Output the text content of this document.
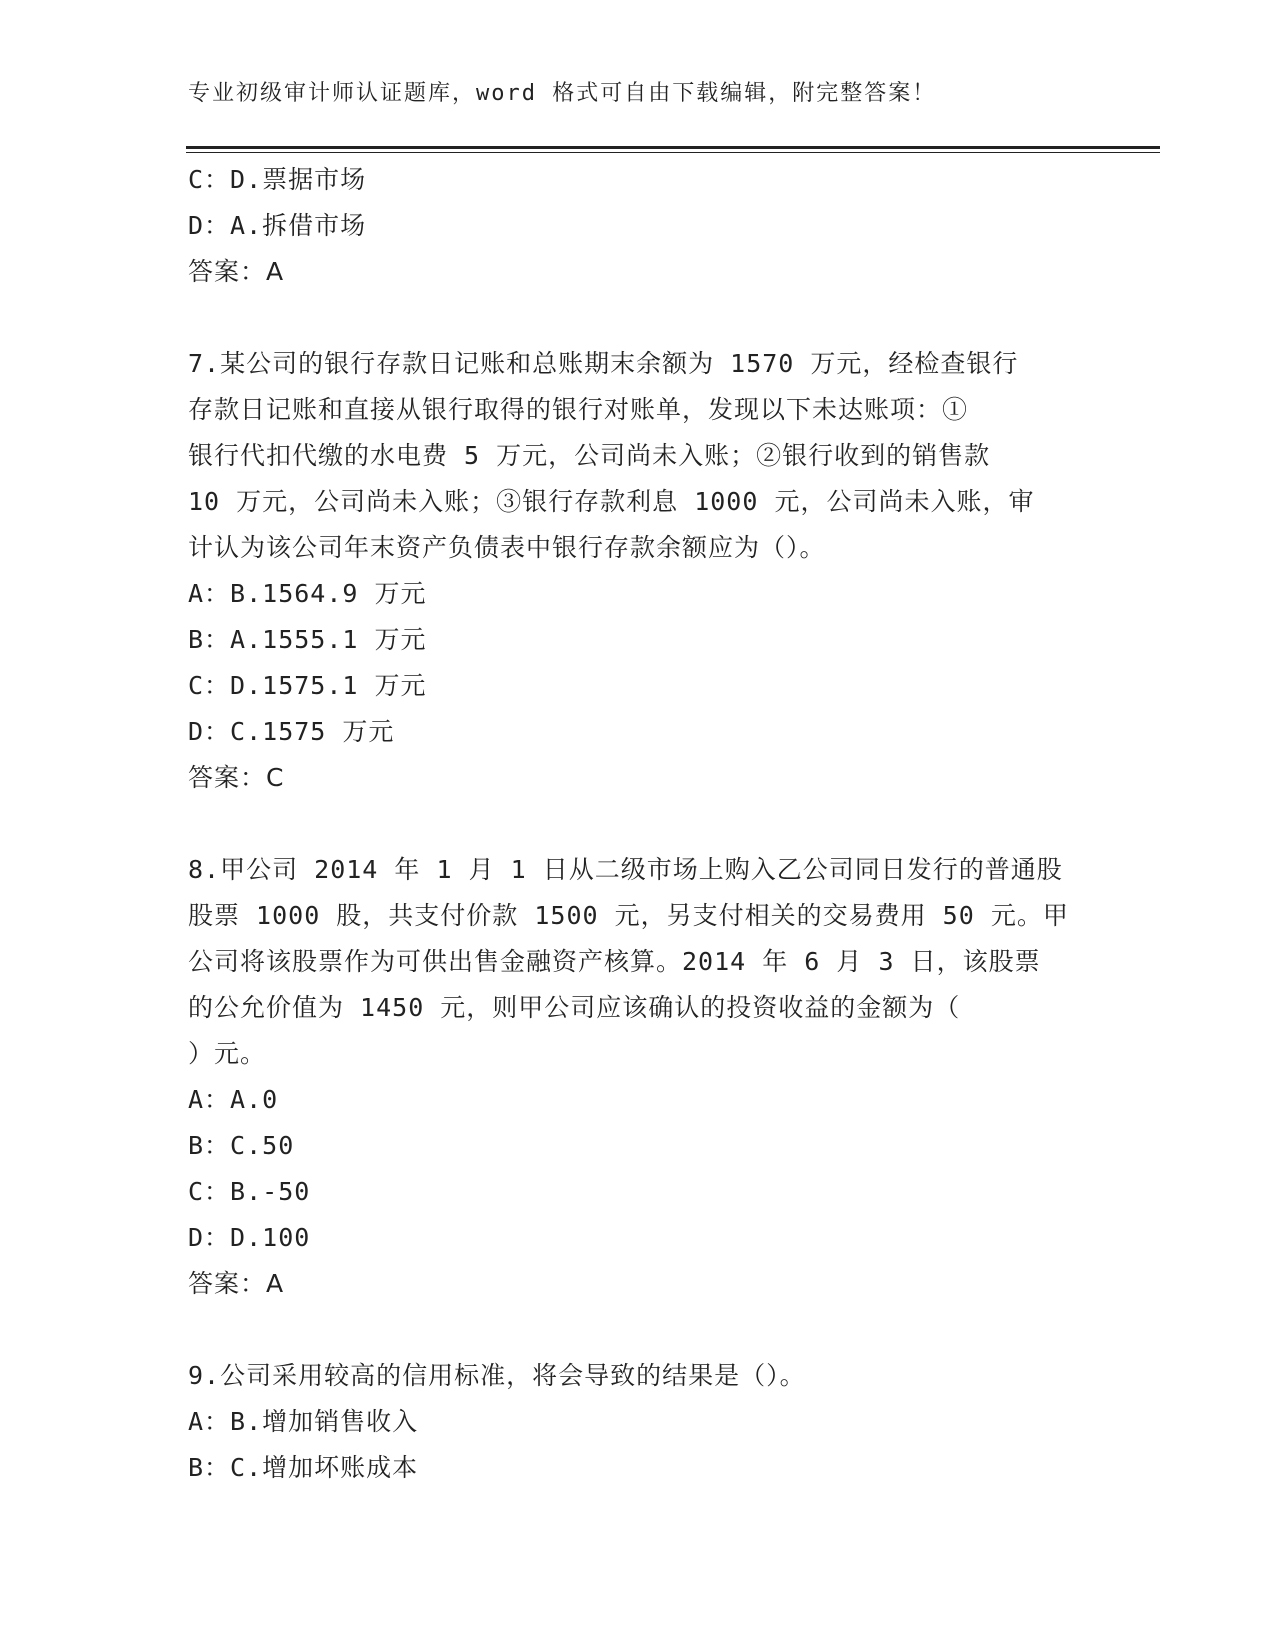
专业初级审计师认证题库，word 格式可自由下载编辑，附完整答案！
C：D.票据市场
D：A.拆借市场
答案：A
7.某公司的银行存款日记账和总账期末余额为 1570 万元，经检查银行
存款日记账和直接从银行取得的银行对账单，发现以下未达账项：①
银行代扣代缴的水电费 5 万元，公司尚未入账；②银行收到的销售款
10 万元，公司尚未入账；③银行存款利息 1000 元，公司尚未入账，审
计认为该公司年末资产负债表中银行存款余额应为（）。
A：B.1564.9 万元
B：A.1555.1 万元
C：D.1575.1 万元
D：C.1575 万元
答案：C
8.甲公司 2014 年 1 月 1 日从二级市场上购入乙公司同日发行的普通股
股票 1000 股，共支付价款 1500 元，另支付相关的交易费用 50 元。甲
公司将该股票作为可供出售金融资产核算。2014 年 6 月 3 日，该股票
的公允价值为 1450 元，则甲公司应该确认的投资收益的金额为（
）元。
A：A.0
B：C.50
C：B.-50
D：D.100
答案：A
9.公司采用较高的信用标准，将会导致的结果是（）。
A：B.增加销售收入
B：C.增加坏账成本
